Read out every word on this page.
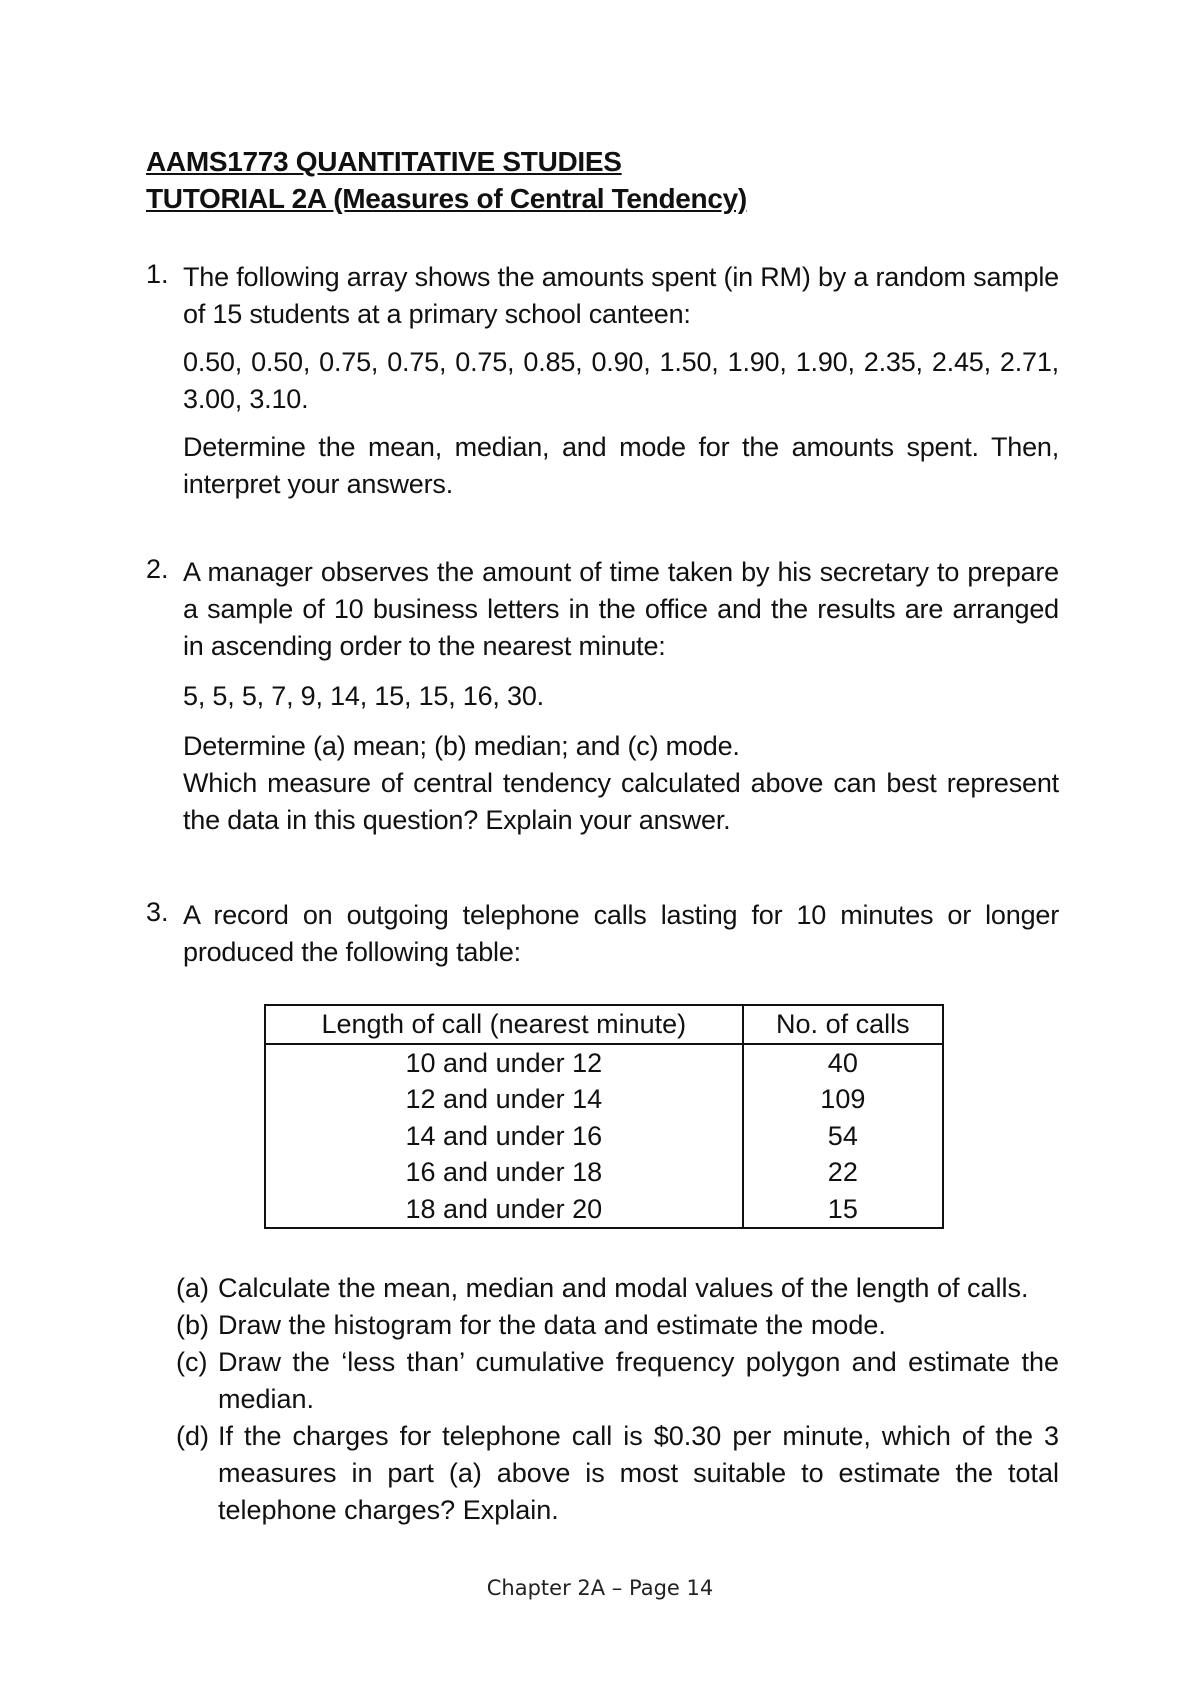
AAMS1773 QUANTITATIVE STUDIES
TUTORIAL 2A (Measures of Central Tendency)
1. The following array shows the amounts spent (in RM) by a random sample of 15 students at a primary school canteen:

0.50, 0.50, 0.75, 0.75, 0.75, 0.85, 0.90, 1.50, 1.90, 1.90, 2.35, 2.45, 2.71, 3.00, 3.10.

Determine the mean, median, and mode for the amounts spent. Then, interpret your answers.

2. A manager observes the amount of time taken by his secretary to prepare a sample of 10 business letters in the office and the results are arranged in ascending order to the nearest minute:

5, 5, 5, 7, 9, 14, 15, 15, 16, 30.

Determine (a) mean; (b) median; and (c) mode.

Which measure of central tendency calculated above can best represent the data in this question? Explain your answer.

3. A record on outgoing telephone calls lasting for 10 minutes or longer produced the following table:

Length of call (nearest minute)	No. of calls
10 and under 12	40
12 and under 14	109
14 and under 16	54
16 and under 18	22
18 and under 20	15
(a) Calculate the mean, median and modal values of the length of calls.
(b) Draw the histogram for the data and estimate the mode.
(c) Draw the ‘less than’ cumulative frequency polygon and estimate the median.
(d) If the charges for telephone call is $0.30 per minute, which of the 3 measures in part (a) above is most suitable to estimate the total telephone charges? Explain.
Chapter 2A – Page 14
